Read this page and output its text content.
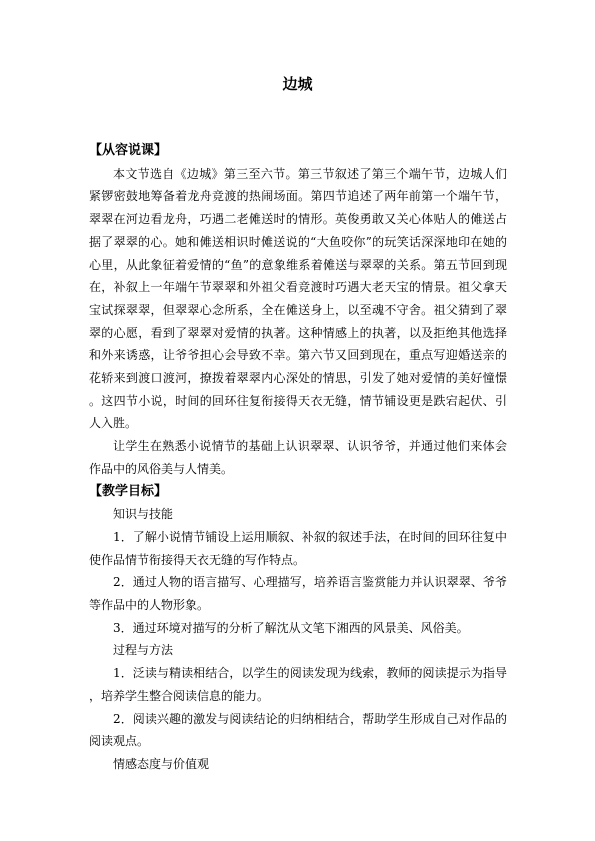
边城
【从容说课】

本文节选自《边城》第三至六节。第三节叙述了第三个端午节，边城人们紧锣密鼓地筹备着龙舟竞渡的热闹场面。第四节追述了两年前第一个端午节，翠翠在河边看龙舟，巧遇二老傩送时的情形。英俊勇敢又关心体贴人的傩送占据了翠翠的心。她和傩送相识时傩送说的“大鱼咬你”的玩笑话深深地印在她的心里，从此象征着爱情的“鱼”的意象维系着傩送与翠翠的关系。第五节回到现在，补叙上一年端午节翠翠和外祖父看竞渡时巧遇大老天宝的情景。祖父拿天宝试探翠翠，但翠翠心念所系，全在傩送身上，以至魂不守舍。祖父猜到了翠翠的心愿，看到了翠翠对爱情的执著。这种情感上的执著，以及拒绝其他选择和外来诱惑，让爷爷担心会导致不幸。第六节又回到现在，重点写迎婚送亲的花轿来到渡口渡河，撩拨着翠翠内心深处的情思，引发了她对爱情的美好憧憬。这四节小说，时间的回环往复衔接得天衣无缝，情节铺设更是跌宕起伏、引人入胜。

让学生在熟悉小说情节的基础上认识翠翠、认识爷爷，并通过他们来体会作品中的风俗美与人情美。

【教学目标】

知识与技能

1．了解小说情节铺设上运用顺叙、补叙的叙述手法，在时间的回环往复中使作品情节衔接得天衣无缝的写作特点。

2．通过人物的语言描写、心理描写，培养语言鉴赏能力并认识翠翠、爷爷等作品中的人物形象。

3．通过环境对描写的分析了解沈从文笔下湘西的风景美、风俗美。

过程与方法

1．泛读与精读相结合，以学生的阅读发现为线索，教师的阅读提示为指导，培养学生整合阅读信息的能力。

2．阅读兴趣的激发与阅读结论的归纳相结合，帮助学生形成自己对作品的阅读观点。

情感态度与价值观
